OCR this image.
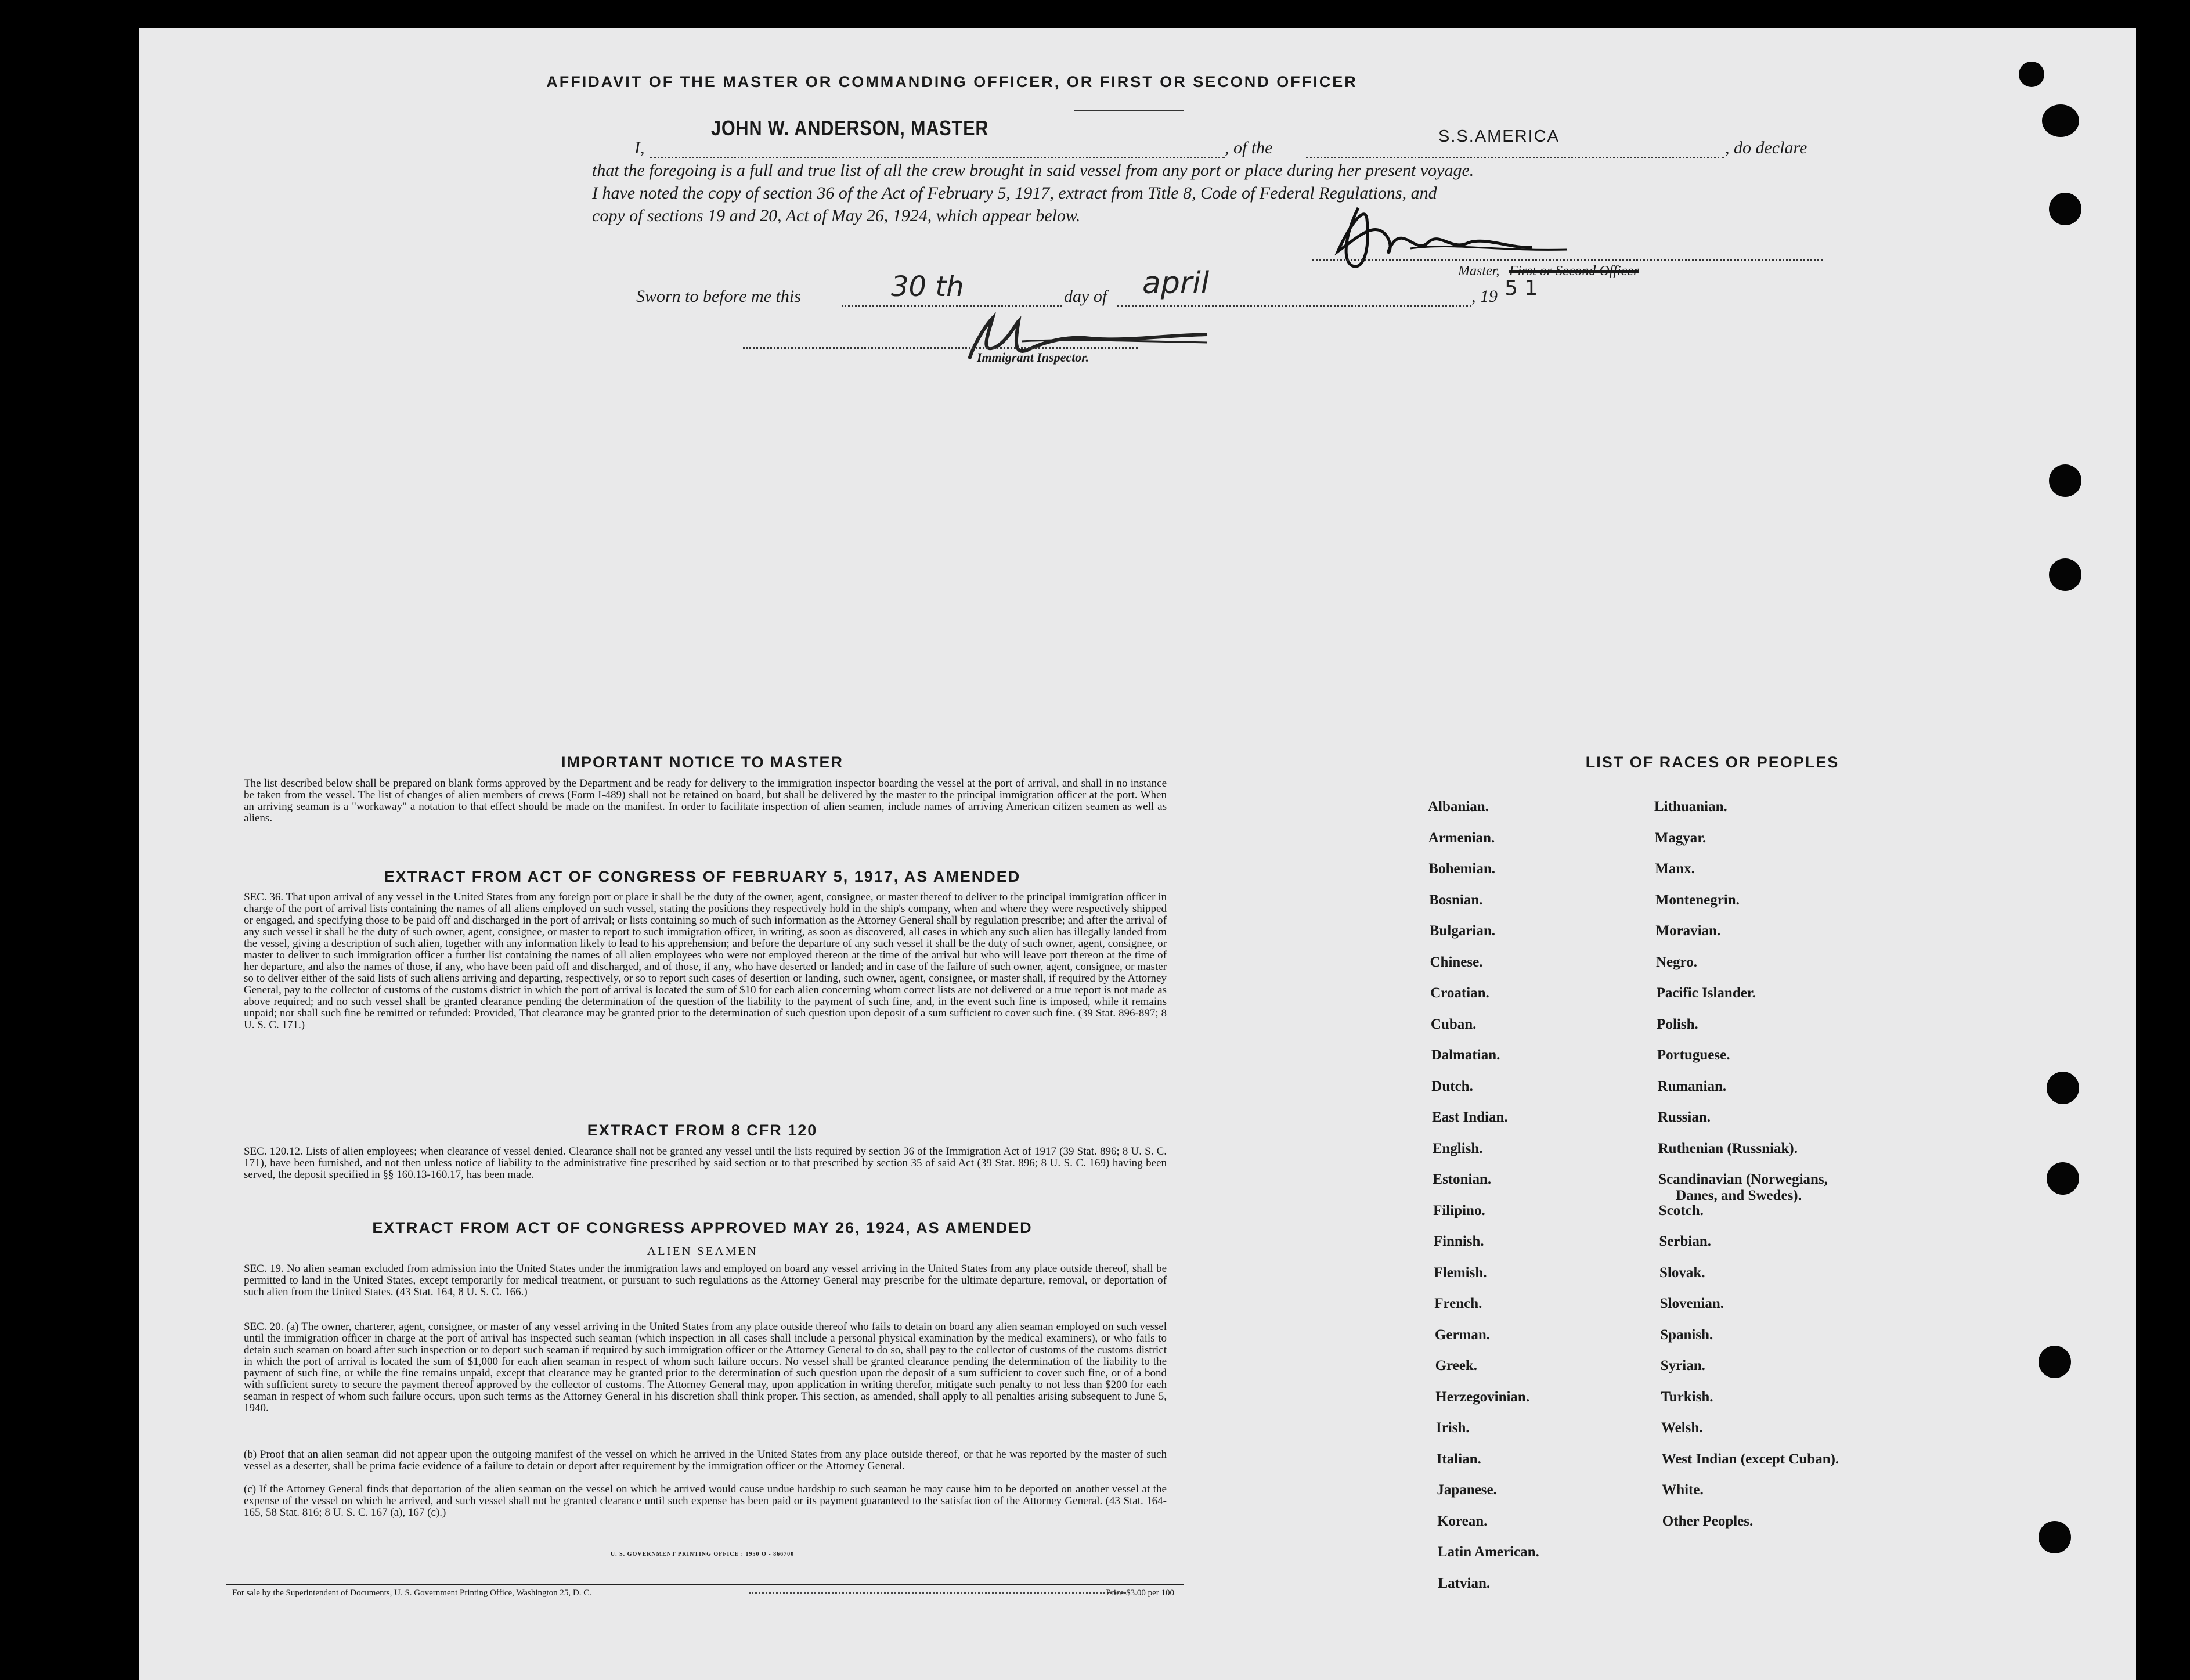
AFFIDAVIT OF THE MASTER OR COMMANDING OFFICER, OR FIRST OR SECOND OFFICER
I,
JOHN W. ANDERSON, MASTER
, of the
S.S.AMERICA
, do declare
that the foregoing is a full and true list of all the crew brought in said vessel from any port or place during her present voyage.
I have noted the copy of section 36 of the Act of February 5, 1917, extract from Title 8, Code of Federal Regulations, and
copy of sections 19 and 20, Act of May 26, 1924, which appear below.
Master, First or Second Officer
Sworn to before me this	30 th	day of april	, 19 5 1
Immigrant Inspector.
IMPORTANT NOTICE TO MASTER
The list described below shall be prepared on blank forms approved by the Department and be ready for delivery to the immigration inspector boarding the vessel at the port of arrival, and shall in no instance be taken from the vessel. The list of changes of alien members of crews (Form I-489) shall not be retained on board, but shall be delivered by the master to the principal immigration officer at the port. When an arriving seaman is a "workaway" a notation to that effect should be made on the manifest. In order to facilitate inspection of alien seamen, include names of arriving American citizen seamen as well as aliens.
EXTRACT FROM ACT OF CONGRESS OF FEBRUARY 5, 1917, AS AMENDED
SEC. 36. That upon arrival of any vessel in the United States from any foreign port or place it shall be the duty of the owner, agent, consignee, or master thereof to deliver to the principal immigration officer in charge of the port of arrival lists containing the names of all aliens employed on such vessel, stating the positions they respectively hold in the ship's company, when and where they were respectively shipped or engaged, and specifying those to be paid off and discharged in the port of arrival; or lists containing so much of such information as the Attorney General shall by regulation prescribe; and after the arrival of any such vessel it shall be the duty of such owner, agent, consignee, or master to report to such immigration officer, in writing, as soon as discovered, all cases in which any such alien has illegally landed from the vessel, giving a description of such alien, together with any information likely to lead to his apprehension; and before the departure of any such vessel it shall be the duty of such owner, agent, consignee, or master to deliver to such immigration officer a further list containing the names of all alien employees who were not employed thereon at the time of the arrival but who will leave port thereon at the time of her departure, and also the names of those, if any, who have been paid off and discharged, and of those, if any, who have deserted or landed; and in case of the failure of such owner, agent, consignee, or master so to deliver either of the said lists of such aliens arriving and departing, respectively, or so to report such cases of desertion or landing, such owner, agent, consignee, or master shall, if required by the Attorney General, pay to the collector of customs of the customs district in which the port of arrival is located the sum of $10 for each alien concerning whom correct lists are not delivered or a true report is not made as above required; and no such vessel shall be granted clearance pending the determination of the question of the liability to the payment of such fine, and, in the event such fine is imposed, while it remains unpaid; nor shall such fine be remitted or refunded: Provided, That clearance may be granted prior to the determination of such question upon deposit of a sum sufficient to cover such fine. (39 Stat. 896-897; 8 U. S. C. 171.)
EXTRACT FROM 8 CFR 120
SEC. 120.12. Lists of alien employees; when clearance of vessel denied. Clearance shall not be granted any vessel until the lists required by section 36 of the Immigration Act of 1917 (39 Stat. 896; 8 U. S. C. 171), have been furnished, and not then unless notice of liability to the administrative fine prescribed by said section or to that prescribed by section 35 of said Act (39 Stat. 896; 8 U. S. C. 169) having been served, the deposit specified in §§ 160.13-160.17, has been made.
EXTRACT FROM ACT OF CONGRESS APPROVED MAY 26, 1924, AS AMENDED
ALIEN SEAMEN
SEC. 19. No alien seaman excluded from admission into the United States under the immigration laws and employed on board any vessel arriving in the United States from any place outside thereof, shall be permitted to land in the United States, except temporarily for medical treatment, or pursuant to such regulations as the Attorney General may prescribe for the ultimate departure, removal, or deportation of such alien from the United States. (43 Stat. 164, 8 U. S. C. 166.)
SEC. 20. (a) The owner, charterer, agent, consignee, or master of any vessel arriving in the United States from any place outside thereof who fails to detain on board any alien seaman employed on such vessel until the immigration officer in charge at the port of arrival has inspected such seaman (which inspection in all cases shall include a personal physical examination by the medical examiners), or who fails to detain such seaman on board after such inspection or to deport such seaman if required by such immigration officer or the Attorney General to do so, shall pay to the collector of customs of the customs district in which the port of arrival is located the sum of $1,000 for each alien seaman in respect of whom such failure occurs. No vessel shall be granted clearance pending the determination of the liability to the payment of such fine, or while the fine remains unpaid, except that clearance may be granted prior to the determination of such question upon the deposit of a sum sufficient to cover such fine, or of a bond with sufficient surety to secure the payment thereof approved by the collector of customs. The Attorney General may, upon application in writing therefor, mitigate such penalty to not less than $200 for each seaman in respect of whom such failure occurs, upon such terms as the Attorney General in his discretion shall think proper. This section, as amended, shall apply to all penalties arising subsequent to June 5, 1940.
(b) Proof that an alien seaman did not appear upon the outgoing manifest of the vessel on which he arrived in the United States from any place outside thereof, or that he was reported by the master of such vessel as a deserter, shall be prima facie evidence of a failure to detain or deport after requirement by the immigration officer or the Attorney General.
(c) If the Attorney General finds that deportation of the alien seaman on the vessel on which he arrived would cause undue hardship to such seaman he may cause him to be deported on another vessel at the expense of the vessel on which he arrived, and such vessel shall not be granted clearance until such expense has been paid or its payment guaranteed to the satisfaction of the Attorney General. (43 Stat. 164-165, 58 Stat. 816; 8 U. S. C. 167 (a), 167 (c).)
U. S. GOVERNMENT PRINTING OFFICE : 1950 O - 866700
For sale by the Superintendent of Documents, U. S. Government Printing Office, Washington 25, D. C.	Price $3.00 per 100
LIST OF RACES OR PEOPLES
Albanian.
Armenian.
Bohemian.
Bosnian.
Bulgarian.
Chinese.
Croatian.
Cuban.
Dalmatian.
Dutch.
East Indian.
English.
Estonian.
Filipino.
Finnish.
Flemish.
French.
German.
Greek.
Herzegovinian.
Irish.
Italian.
Japanese.
Korean.
Latin American.
Latvian.
Lithuanian.
Magyar.
Manx.
Montenegrin.
Moravian.
Negro.
Pacific Islander.
Polish.
Portuguese.
Rumanian.
Russian.
Ruthenian (Russniak).
Scandinavian (Norwegians,
Danes, and Swedes).
Scotch.
Serbian.
Slovak.
Slovenian.
Spanish.
Syrian.
Turkish.
Welsh.
West Indian (except Cuban).
White.
Other Peoples.
